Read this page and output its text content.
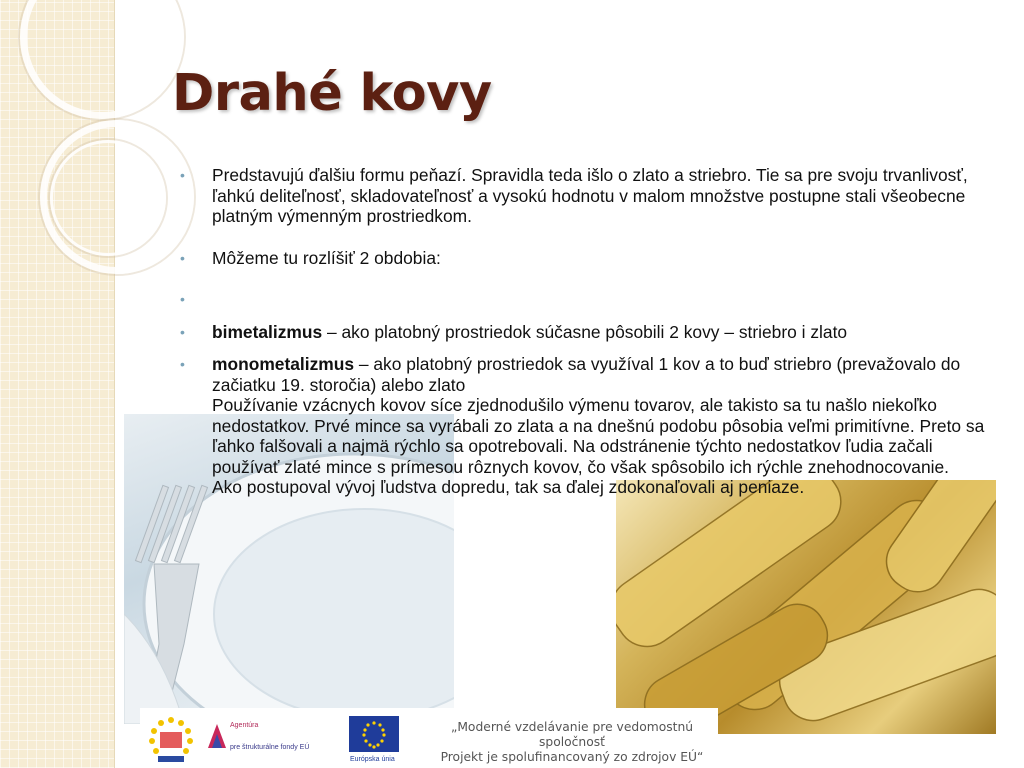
Drahé kovy
• Predstavujú ďalšiu formu peňazí. Spravidla teda išlo o zlato a striebro. Tie sa pre svoju trvanlivosť, ľahkú deliteľnosť, skladovateľnosť a vysokú hodnotu v malom množstve postupne stali všeobecne platným výmenným prostriedkom.

• Môžeme tu rozlíšiť 2 obdobia:

•

• bimetalizmus – ako platobný prostriedok súčasne pôsobili 2 kovy – striebro i zlato

• monometalizmus – ako platobný prostriedok sa využíval 1 kov a to buď striebro (prevažovalo do začiatku 19. storočia) alebo zlato

Používanie vzácnych kovov síce zjednodušilo výmenu tovarov, ale takisto sa tu našlo niekoľko nedostatkov. Prvé mince sa vyrábali zo zlata a na dnešnú podobu pôsobia veľmi primitívne. Preto sa ľahko falšovali a najmä rýchlo sa opotrebovali. Na odstránenie týchto nedostatkov ľudia začali používať zlaté mince s prímesou rôznych kovov, čo však spôsobilo ich rýchle znehodnocovanie.

Ako postupoval vývoj ľudstva dopredu, tak sa ďalej zdokonaľovali aj peniaze.

Agentúra
pre štrukturálne fondy EÚ
Európska únia
„Moderné vzdelávanie pre vedomostnú spoločnosť
Projekt je spolufinancovaný zo zdrojov EÚ“
